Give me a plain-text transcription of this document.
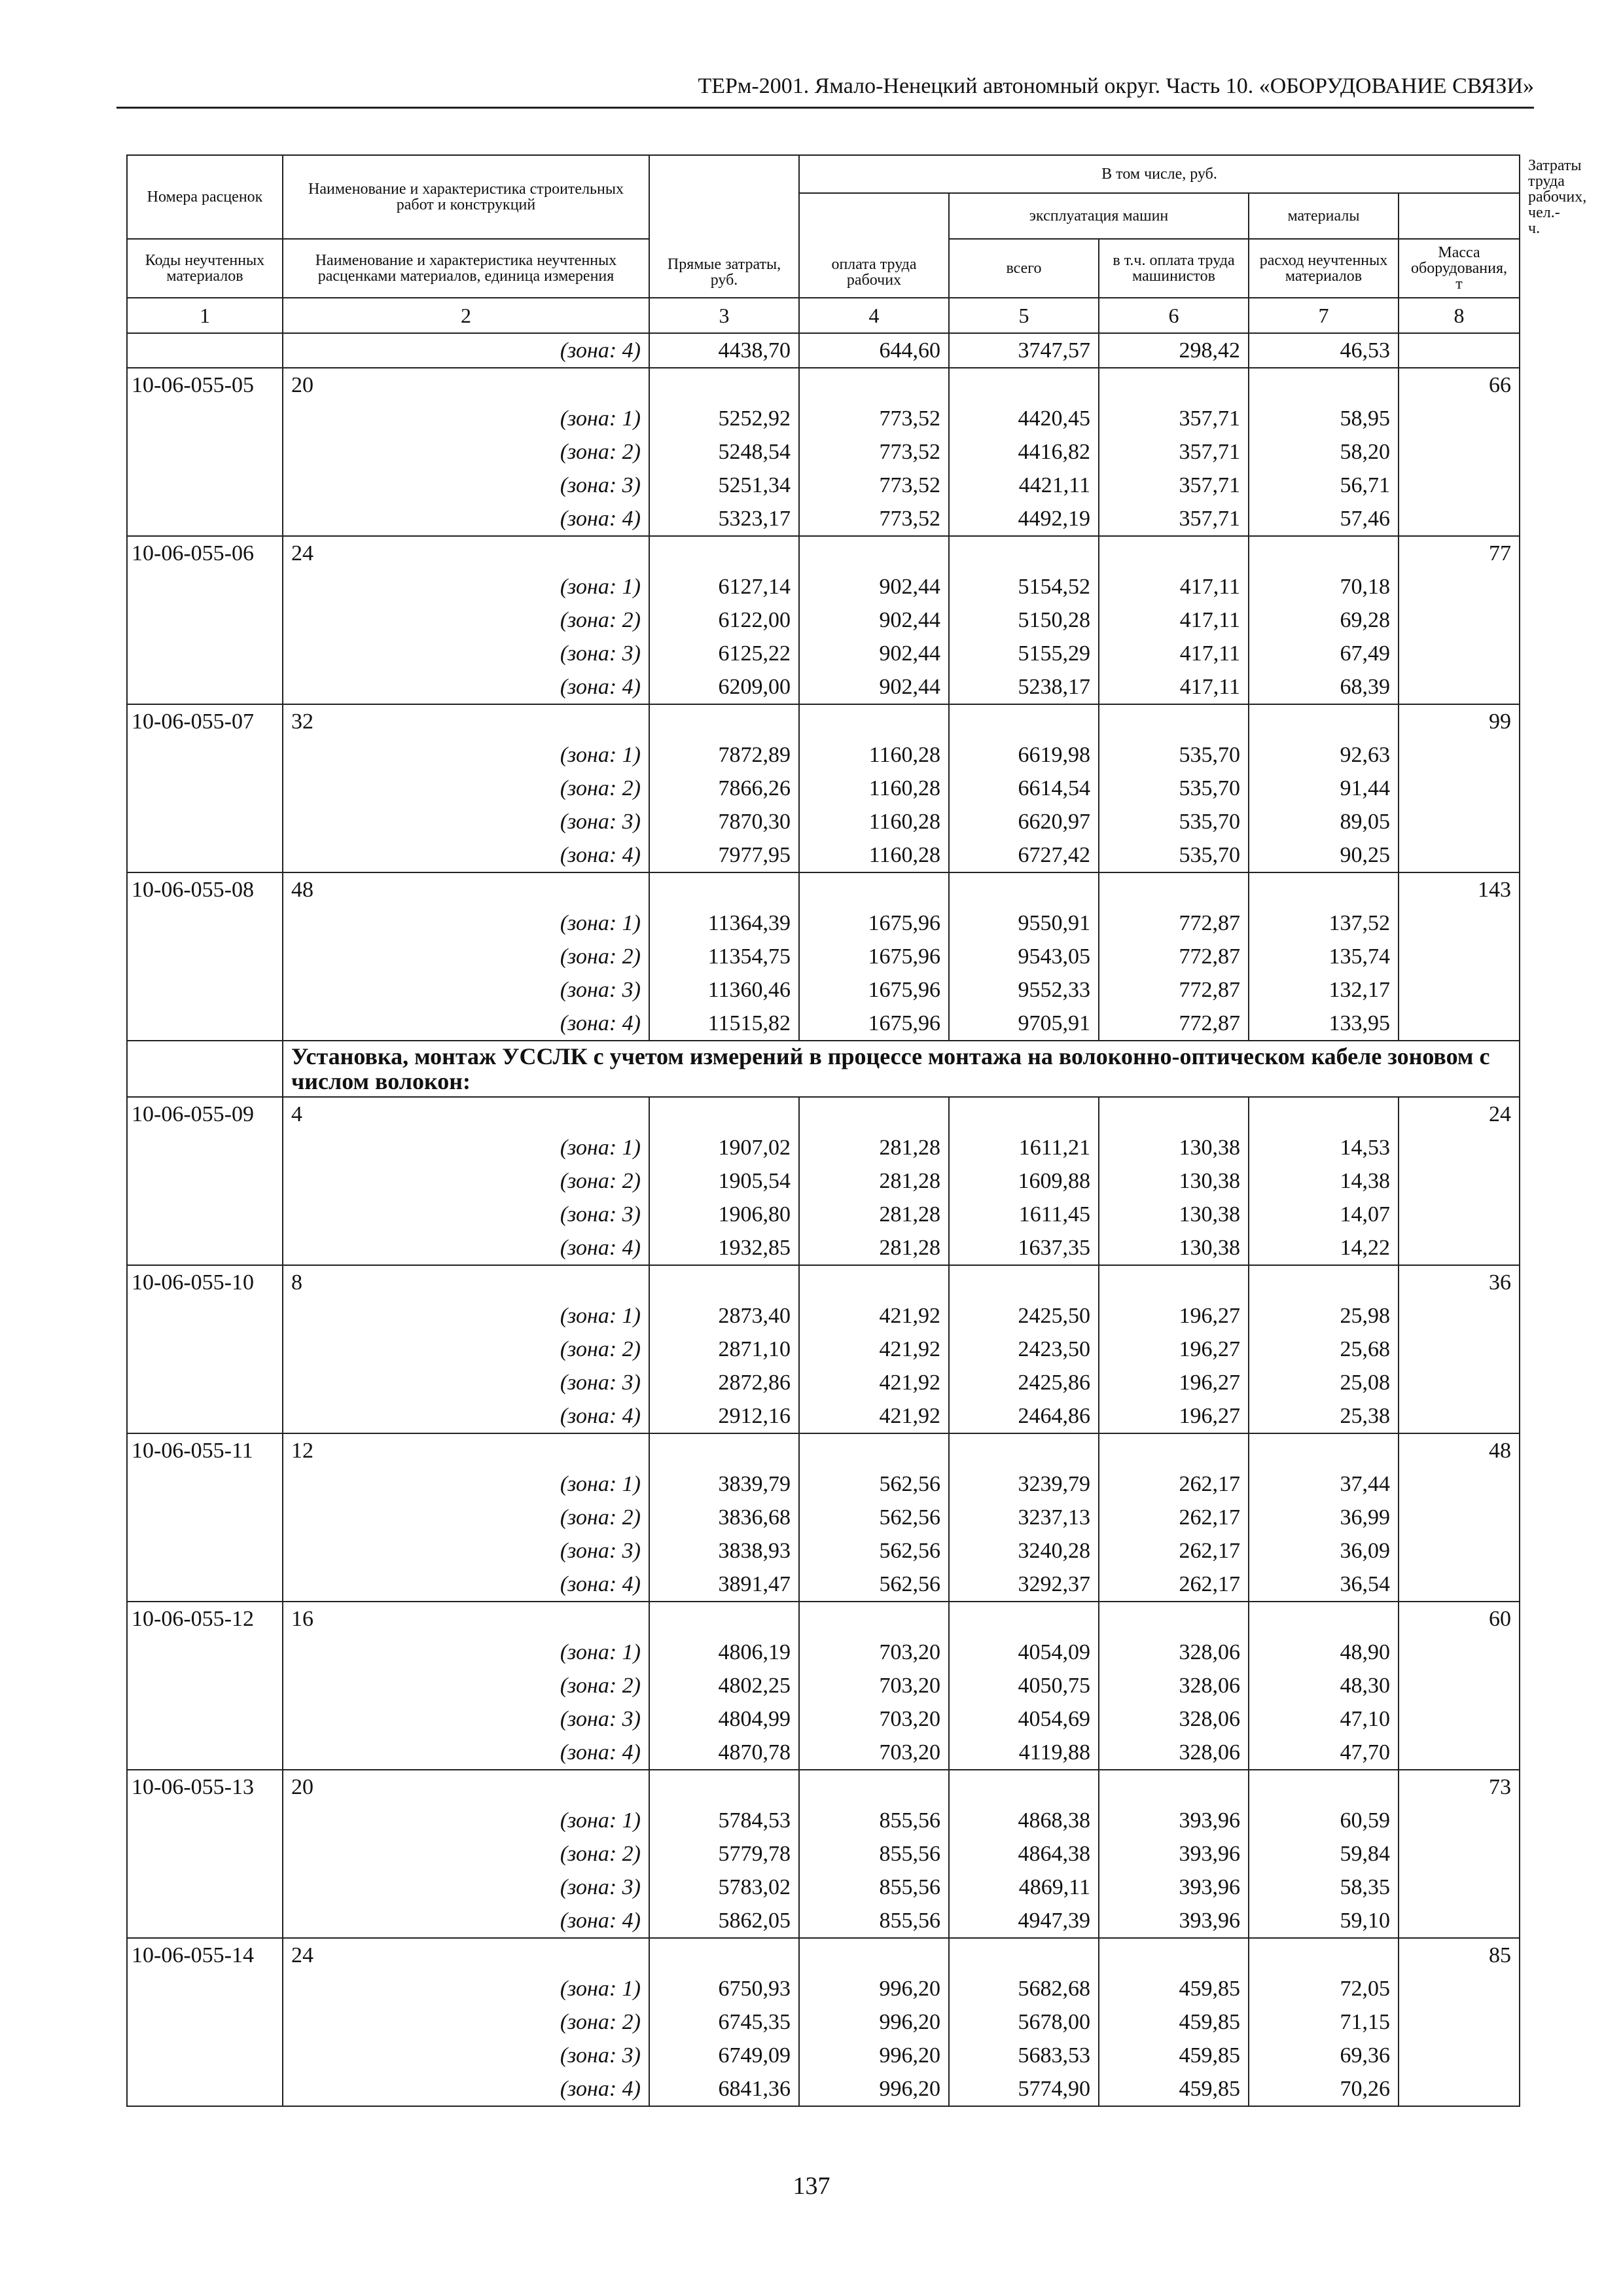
ТЕРм-2001. Ямало-Ненецкий автономный округ. Часть 10. «ОБОРУДОВАНИЕ СВЯЗИ»
Номера расценок	Наименование и характеристика строительных работ и конструкций	Прямые затраты, руб.	В том числе, руб.					Затраты труда рабочих, чел.-ч.
			оплата труда рабочих	эксплуатация машин		материалы		
Коды неучтенных материалов	Наименование и характеристика неучтенных расценками материалов, единица измерения			всего	в т.ч. оплата труда машинистов	расход неучтенных материалов	Масса оборудования, т	
1	2	3	4	5	6	7	8	
	(зона: 4)	4438,70	644,60	3747,57	298,42	46,53		
10-06-055-05	20						66	
	(зона: 1)	5252,92	773,52	4420,45	357,71	58,95		
	(зона: 2)	5248,54	773,52	4416,82	357,71	58,20		
	(зона: 3)	5251,34	773,52	4421,11	357,71	56,71		
	(зона: 4)	5323,17	773,52	4492,19	357,71	57,46		
10-06-055-06	24						77	
	(зона: 1)	6127,14	902,44	5154,52	417,11	70,18		
	(зона: 2)	6122,00	902,44	5150,28	417,11	69,28		
	(зона: 3)	6125,22	902,44	5155,29	417,11	67,49		
	(зона: 4)	6209,00	902,44	5238,17	417,11	68,39		
10-06-055-07	32						99	
	(зона: 1)	7872,89	1160,28	6619,98	535,70	92,63		
	(зона: 2)	7866,26	1160,28	6614,54	535,70	91,44		
	(зона: 3)	7870,30	1160,28	6620,97	535,70	89,05		
	(зона: 4)	7977,95	1160,28	6727,42	535,70	90,25		
10-06-055-08	48						143	
	(зона: 1)	11364,39	1675,96	9550,91	772,87	137,52		
	(зона: 2)	11354,75	1675,96	9543,05	772,87	135,74		
	(зона: 3)	11360,46	1675,96	9552,33	772,87	132,17		
	(зона: 4)	11515,82	1675,96	9705,91	772,87	133,95		
	Установка, монтаж УССЛК с учетом измерений в процессе монтажа на волоконно-оптическом кабеле зоновом с числом волокон:							
10-06-055-09	4						24	
	(зона: 1)	1907,02	281,28	1611,21	130,38	14,53		
	(зона: 2)	1905,54	281,28	1609,88	130,38	14,38		
	(зона: 3)	1906,80	281,28	1611,45	130,38	14,07		
	(зона: 4)	1932,85	281,28	1637,35	130,38	14,22		
10-06-055-10	8						36	
	(зона: 1)	2873,40	421,92	2425,50	196,27	25,98		
	(зона: 2)	2871,10	421,92	2423,50	196,27	25,68		
	(зона: 3)	2872,86	421,92	2425,86	196,27	25,08		
	(зона: 4)	2912,16	421,92	2464,86	196,27	25,38		
10-06-055-11	12						48	
	(зона: 1)	3839,79	562,56	3239,79	262,17	37,44		
	(зона: 2)	3836,68	562,56	3237,13	262,17	36,99		
	(зона: 3)	3838,93	562,56	3240,28	262,17	36,09		
	(зона: 4)	3891,47	562,56	3292,37	262,17	36,54		
10-06-055-12	16						60	
	(зона: 1)	4806,19	703,20	4054,09	328,06	48,90		
	(зона: 2)	4802,25	703,20	4050,75	328,06	48,30		
	(зона: 3)	4804,99	703,20	4054,69	328,06	47,10		
	(зона: 4)	4870,78	703,20	4119,88	328,06	47,70		
10-06-055-13	20						73	
	(зона: 1)	5784,53	855,56	4868,38	393,96	60,59		
	(зона: 2)	5779,78	855,56	4864,38	393,96	59,84		
	(зона: 3)	5783,02	855,56	4869,11	393,96	58,35		
	(зона: 4)	5862,05	855,56	4947,39	393,96	59,10		
10-06-055-14	24						85	
	(зона: 1)	6750,93	996,20	5682,68	459,85	72,05		
	(зона: 2)	6745,35	996,20	5678,00	459,85	71,15		
	(зона: 3)	6749,09	996,20	5683,53	459,85	69,36		
	(зона: 4)	6841,36	996,20	5774,90	459,85	70,26		
137
